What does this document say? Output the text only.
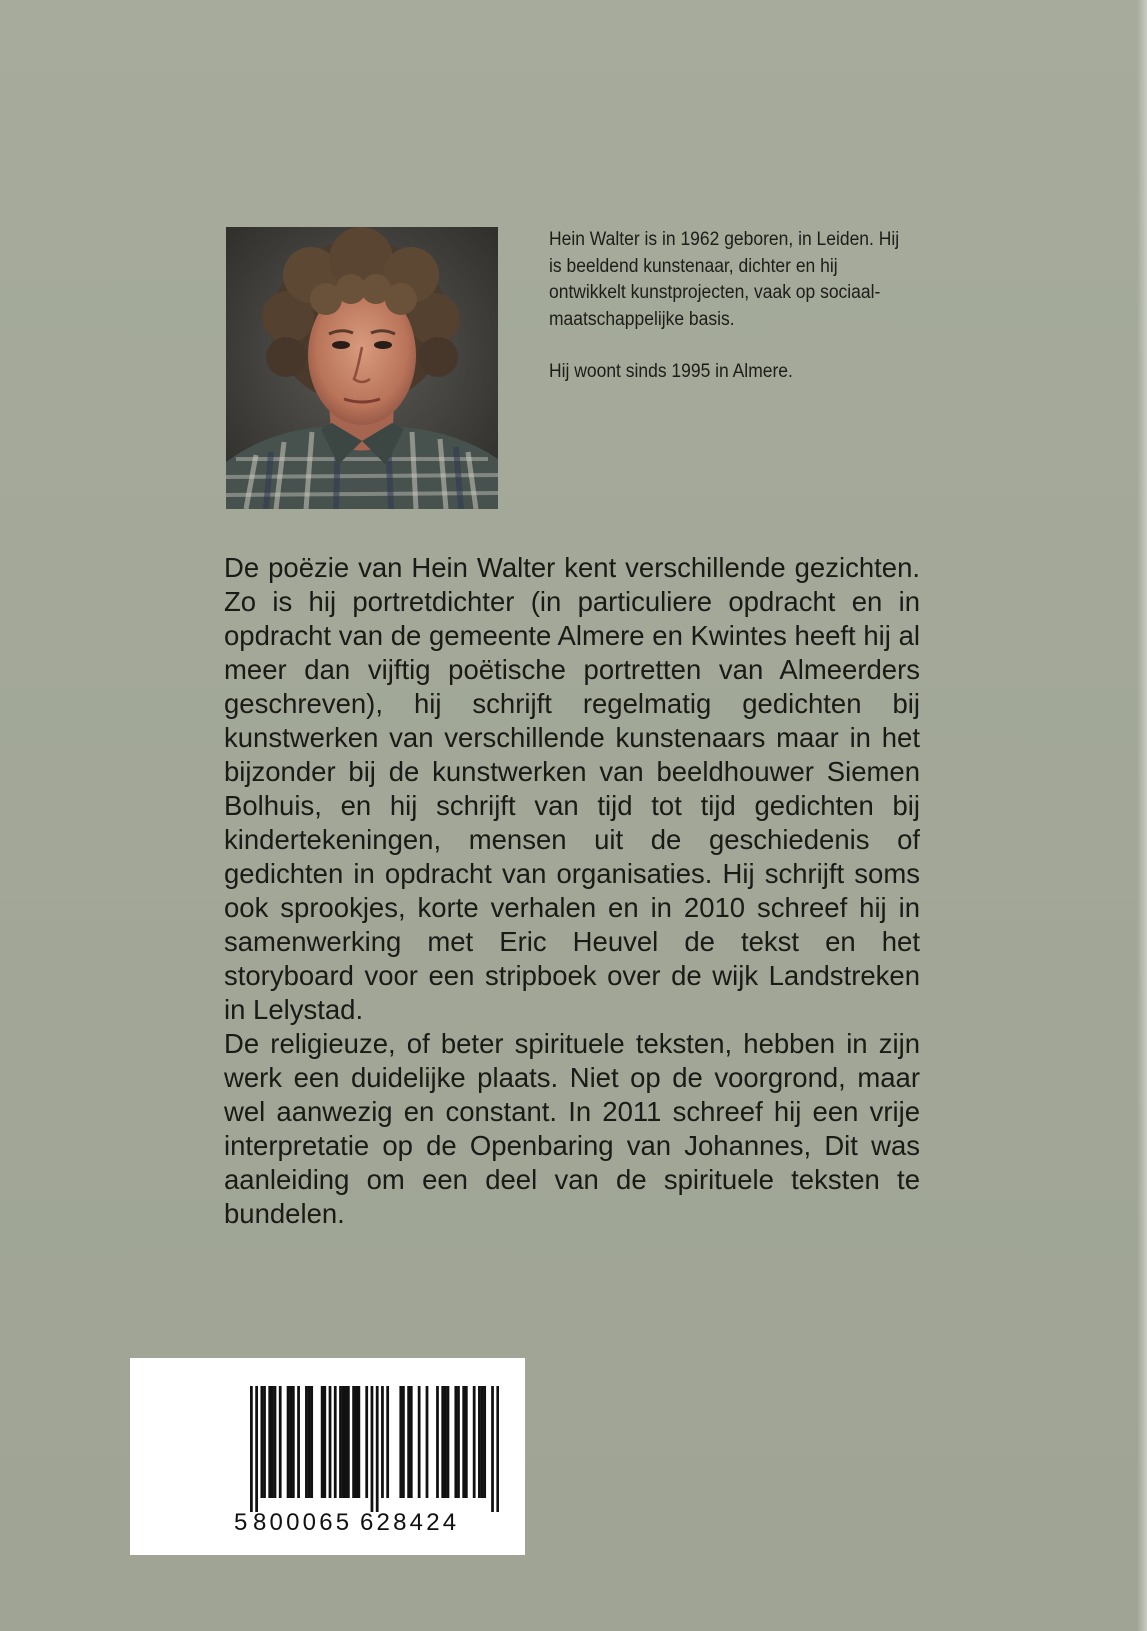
Hein Walter is in 1962 geboren, in Leiden. Hij is beeldend kunstenaar, dichter en hij ontwikkelt kunstprojecten, vaak op sociaal-maatschappelijke basis.

Hij woont sinds 1995 in Almere.

De poëzie van Hein Walter kent verschillende gezichten. Zo is hij portretdichter (in particuliere opdracht en in opdracht van de gemeente Almere en Kwintes heeft hij al meer dan vijftig poëtische portretten van Almeerders geschreven), hij schrijft regelmatig gedichten bij kunstwerken van verschillende kunstenaars maar in het bijzonder bij de kunstwerken van beeldhouwer Siemen Bolhuis, en hij schrijft van tijd tot tijd gedichten bij kindertekeningen, mensen uit de geschiedenis of gedichten in opdracht van organisaties. Hij schrijft soms ook sprookjes, korte verhalen en in 2010 schreef hij in samenwerking met Eric Heuvel de tekst en het storyboard voor een stripboek over de wijk Landstreken in Lelystad.

De religieuze, of beter spirituele teksten, hebben in zijn werk een duidelijke plaats. Niet op de voorgrond, maar wel aanwezig en constant. In 2011 schreef hij een vrije interpretatie op de Openbaring van Johannes, Dit was aanleiding om een deel van de spirituele teksten te bundelen.

5 800065 628424
